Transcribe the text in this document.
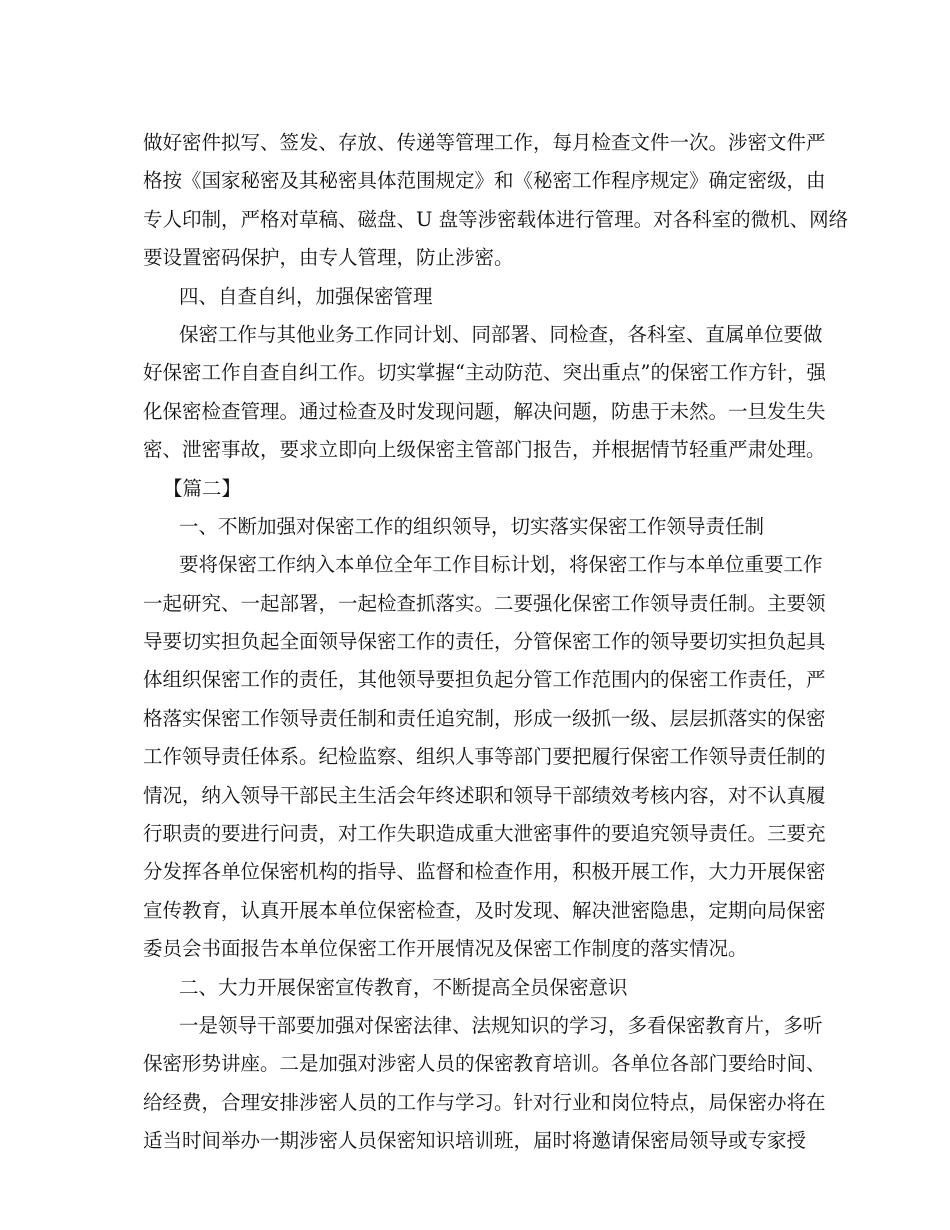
做好密件拟写、签发、存放、传递等管理工作，每月检查文件一次。涉密文件严
格按《国家秘密及其秘密具体范围规定》和《秘密工作程序规定》确定密级，由
专人印制，严格对草稿、磁盘、U 盘等涉密载体进行管理。对各科室的微机、网络
要设置密码保护，由专人管理，防止涉密。
四、自查自纠，加强保密管理
保密工作与其他业务工作同计划、同部署、同检查，各科室、直属单位要做
好保密工作自查自纠工作。切实掌握“主动防范、突出重点”的保密工作方针，强
化保密检查管理。通过检查及时发现问题，解决问题，防患于未然。一旦发生失
密、泄密事故，要求立即向上级保密主管部门报告，并根据情节轻重严肃处理。
【篇二】
一、不断加强对保密工作的组织领导，切实落实保密工作领导责任制
要将保密工作纳入本单位全年工作目标计划，将保密工作与本单位重要工作
一起研究、一起部署，一起检查抓落实。二要强化保密工作领导责任制。主要领
导要切实担负起全面领导保密工作的责任，分管保密工作的领导要切实担负起具
体组织保密工作的责任，其他领导要担负起分管工作范围内的保密工作责任，严
格落实保密工作领导责任制和责任追究制，形成一级抓一级、层层抓落实的保密
工作领导责任体系。纪检监察、组织人事等部门要把履行保密工作领导责任制的
情况，纳入领导干部民主生活会年终述职和领导干部绩效考核内容，对不认真履
行职责的要进行问责，对工作失职造成重大泄密事件的要追究领导责任。三要充
分发挥各单位保密机构的指导、监督和检查作用，积极开展工作，大力开展保密
宣传教育，认真开展本单位保密检查，及时发现、解决泄密隐患，定期向局保密
委员会书面报告本单位保密工作开展情况及保密工作制度的落实情况。
二、大力开展保密宣传教育，不断提高全员保密意识
一是领导干部要加强对保密法律、法规知识的学习，多看保密教育片，多听
保密形势讲座。二是加强对涉密人员的保密教育培训。各单位各部门要给时间、
给经费，合理安排涉密人员的工作与学习。针对行业和岗位特点，局保密办将在
适当时间举办一期涉密人员保密知识培训班，届时将邀请保密局领导或专家授
